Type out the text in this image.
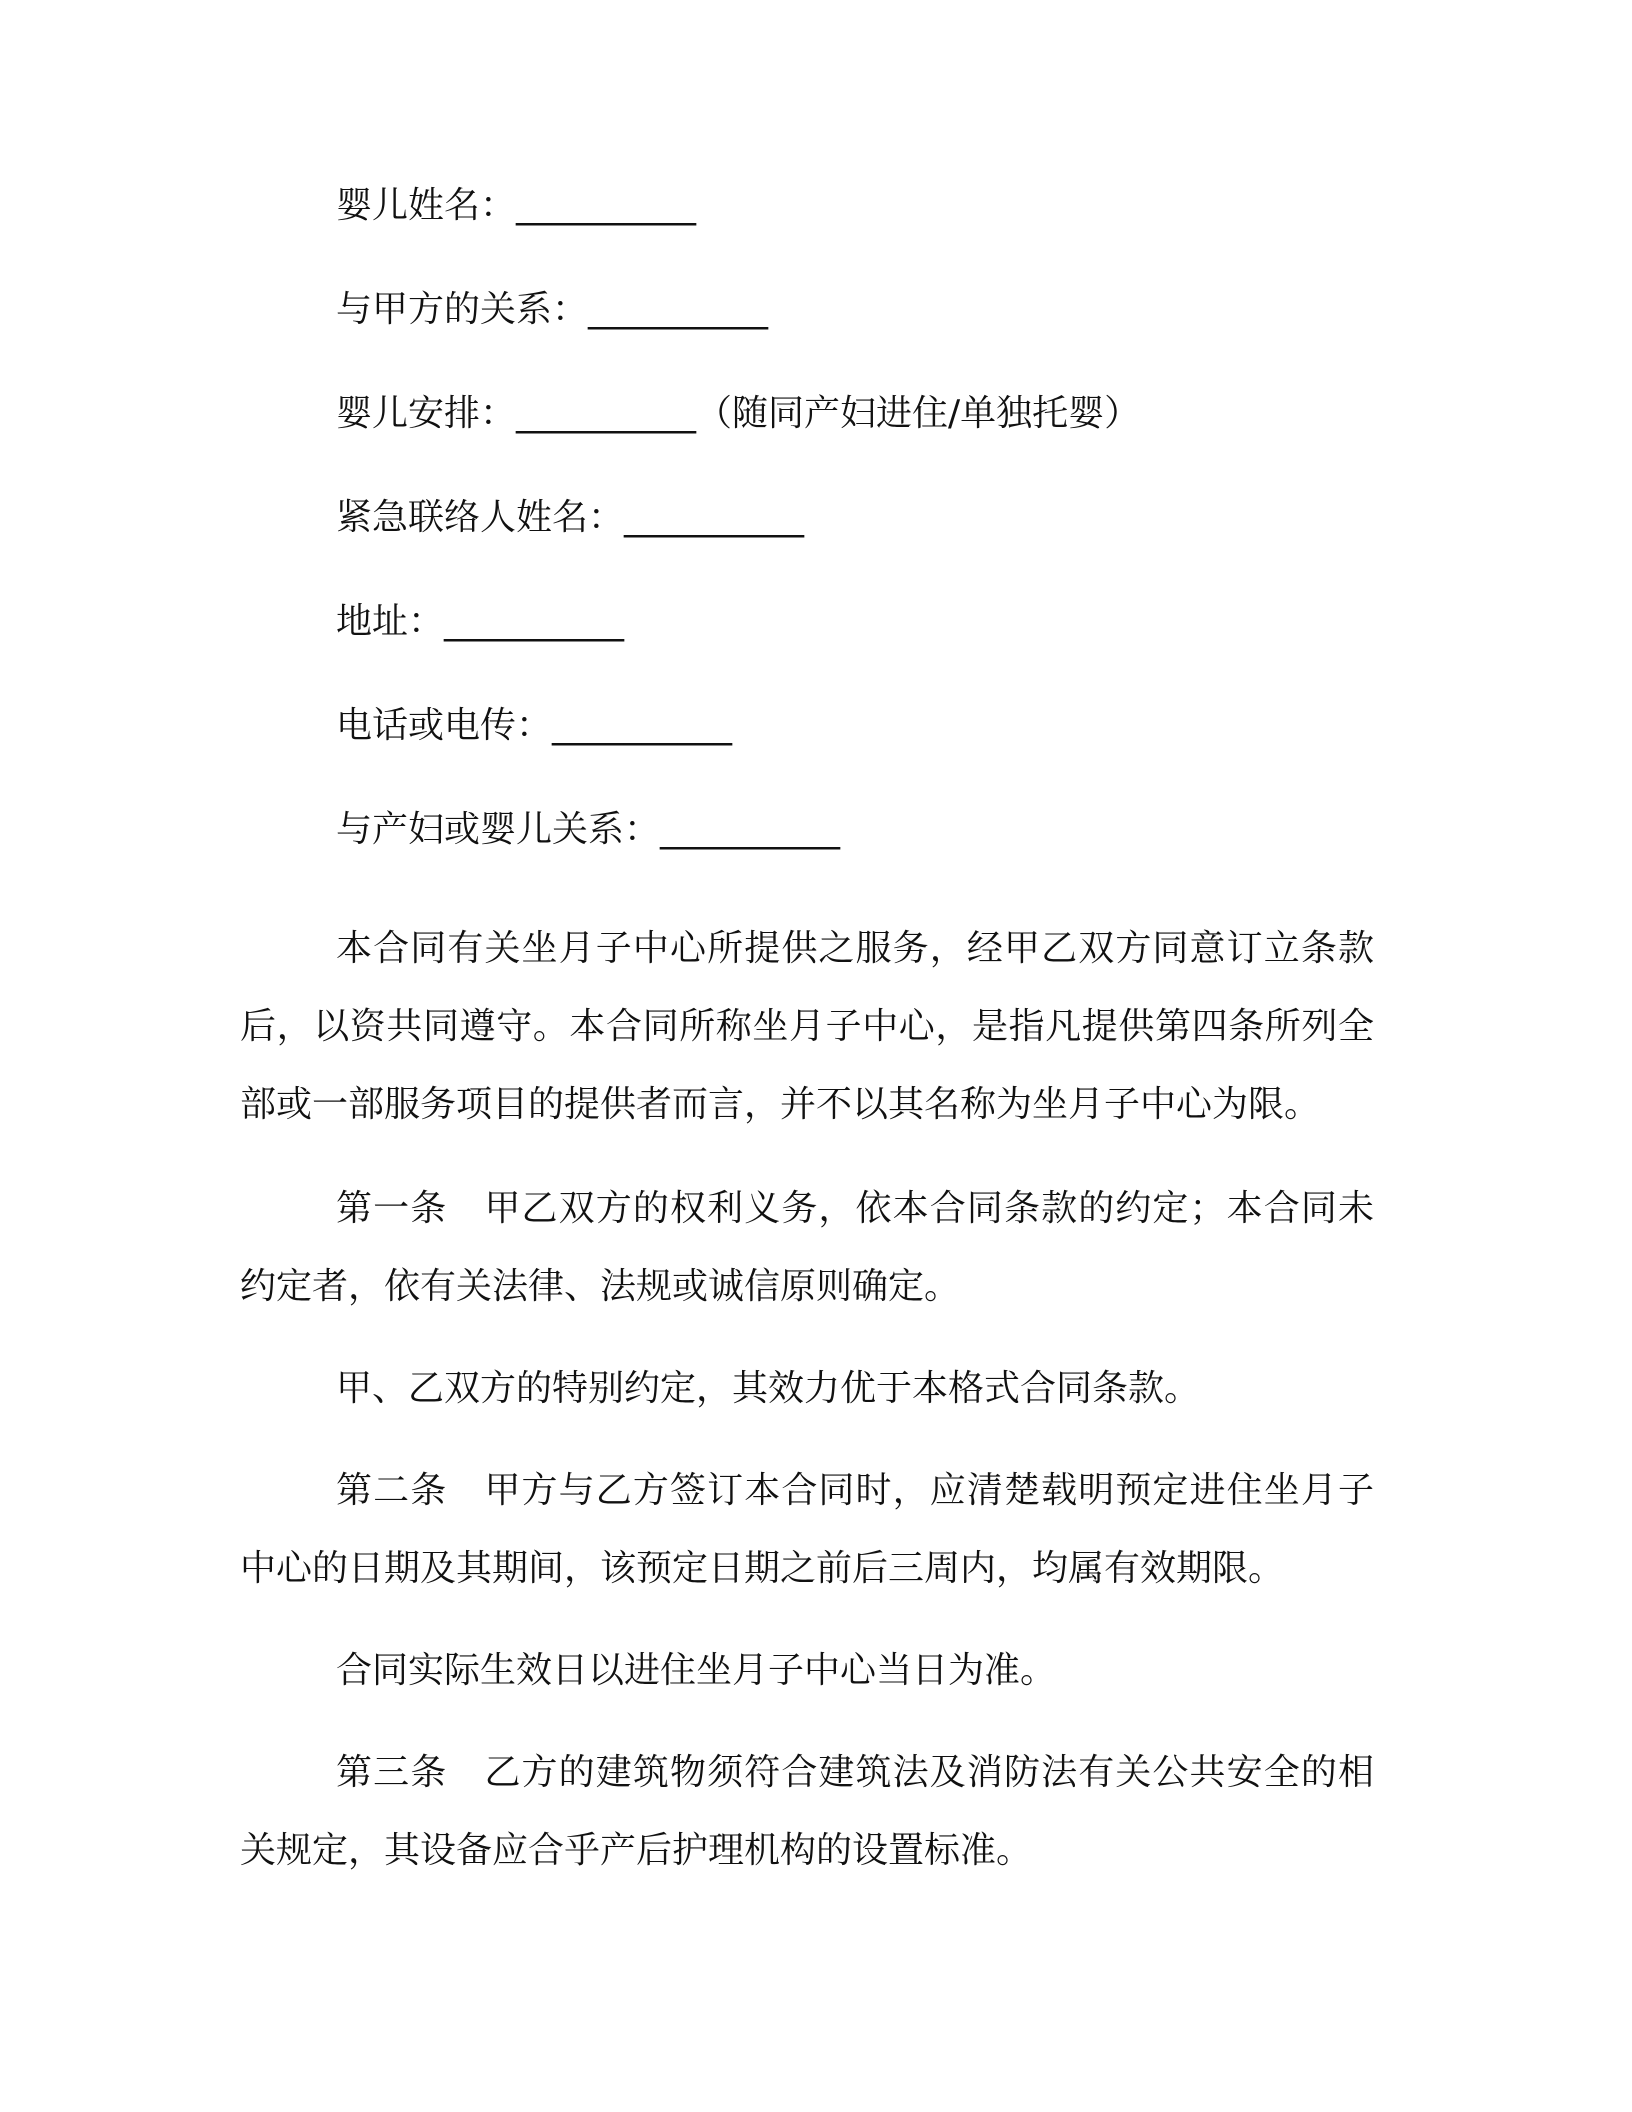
婴儿姓名：__________
与甲方的关系：__________
婴儿安排：__________（随同产妇进住/单独托婴）
紧急联络人姓名：__________
地址：__________
电话或电传：__________
与产妇或婴儿关系：__________

本合同有关坐月子中心所提供之服务，经甲乙双方同意订立条款后，以资共同遵守。本合同所称坐月子中心，是指凡提供第四条所列全部或一部服务项目的提供者而言，并不以其名称为坐月子中心为限。

第一条　甲乙双方的权利义务，依本合同条款的约定；本合同未约定者，依有关法律、法规或诚信原则确定。

甲、乙双方的特别约定，其效力优于本格式合同条款。

第二条　甲方与乙方签订本合同时，应清楚载明预定进住坐月子中心的日期及其期间，该预定日期之前后三周内，均属有效期限。

合同实际生效日以进住坐月子中心当日为准。

第三条　乙方的建筑物须符合建筑法及消防法有关公共安全的相关规定，其设备应合乎产后护理机构的设置标准。
